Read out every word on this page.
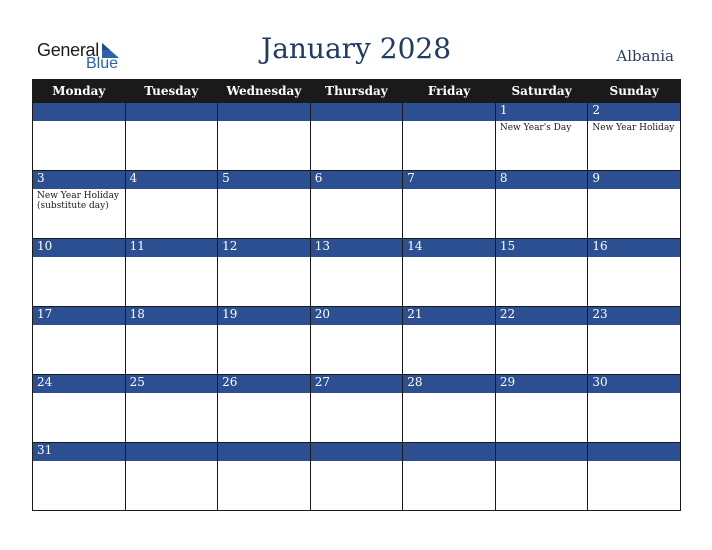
General
Blue	January 2028	Albania
Monday	Tuesday	Wednesday	Thursday	Friday	Saturday	Sunday
					1	2
					New Year's Day	New Year Holiday
3	4	5	6	7	8	9
New Year Holiday (substitute day)						
10	11	12	13	14	15	16

17	18	19	20	21	22	23

24	25	26	27	28	29	30

31						
